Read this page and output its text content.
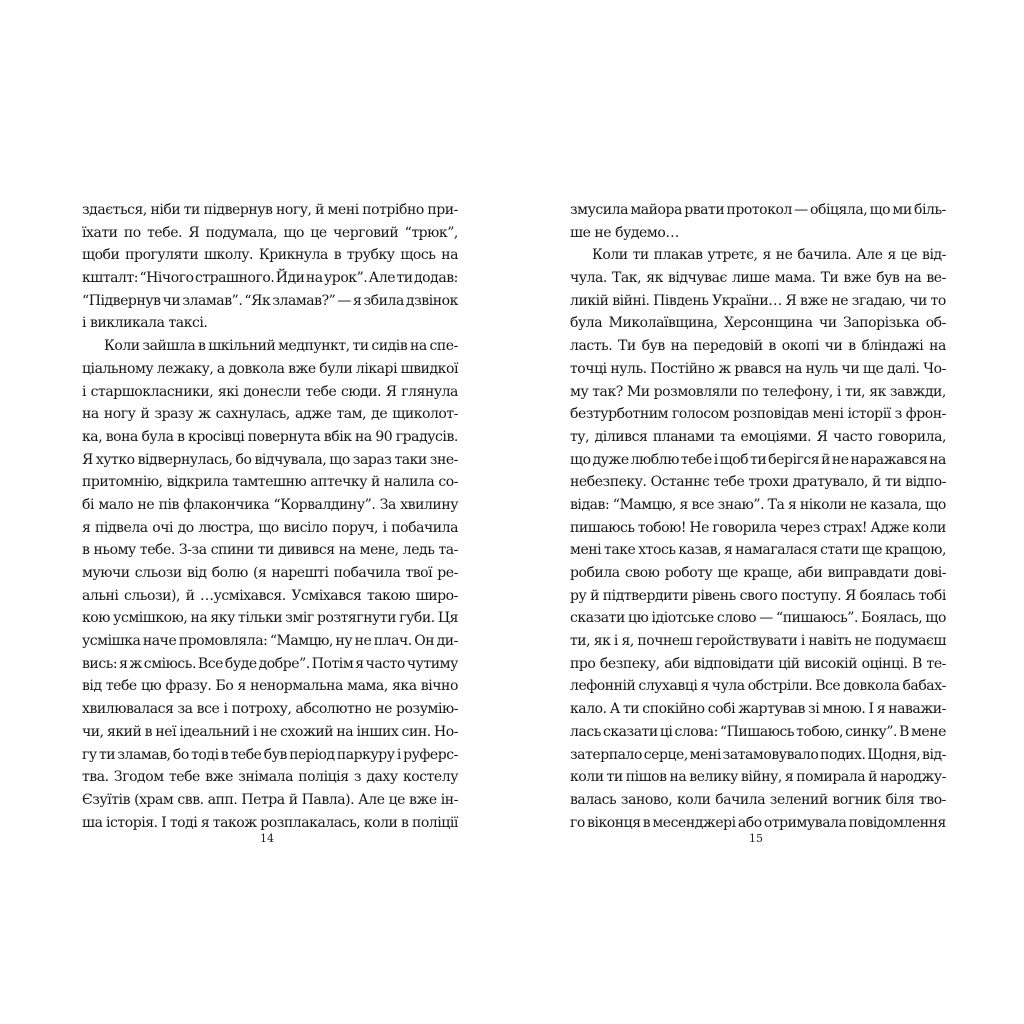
здається, ніби ти підвернув ногу, й мені потрібно при-
їхати по тебе. Я подумала, що це черговий “трюк”,
щоби прогуляти школу. Крикнула в трубку щось на
кшталт: “Нічого страшного. Йди на урок”. Але ти додав:
“Підвернув чи зламав”. “Як зламав?” — я збила дзвінок
і викликала таксі.
Коли зайшла в шкільний медпункт, ти сидів на спе-
ціальному лежаку, а довкола вже були лікарі швидкої
і старшокласники, які донесли тебе сюди. Я глянула
на ногу й зразу ж сахнулась, адже там, де щиколот-
ка, вона була в кросівці повернута вбік на 90 градусів.
Я хутко відвернулась, бо відчувала, що зараз таки зне-
притомнію, відкрила тамтешню аптечку й налила со-
бі мало не пів флакончика “Корвалдину”. За хвилину
я підвела очі до люстра, що висіло поруч, і побачила
в ньому тебе. З-за спини ти дивився на мене, ледь та-
муючи сльози від болю (я нарешті побачила твої ре-
альні сльози), й …усміхався. Усміхався такою широ-
кою усмішкою, на яку тільки зміг розтягнути губи. Ця
усмішка наче промовляла: “Мамцю, ну не плач. Он ди-
вись: я ж сміюсь. Все буде добре”. Потім я часто чутиму
від тебе цю фразу. Бо я ненормальна мама, яка вічно
хвилювалася за все і потроху, абсолютно не розумію-
чи, який в неї ідеальний і не схожий на інших син. Но-
гу ти зламав, бо тоді в тебе був період паркуру і руферс-
тва. Згодом тебе вже знімала поліція з даху костелу
Єзуїтів (храм свв. апп. Петра й Павла). Але це вже ін-
ша історія. І тоді я також розплакалась, коли в поліції
14
змусила майора рвати протокол — обіцяла, що ми біль-
ше не будемо…
Коли ти плакав утретє, я не бачила. Але я це від-
чула. Так, як відчуває лише мама. Ти вже був на ве-
ликій війні. Південь України… Я вже не згадаю, чи то
була Миколаївщина, Херсонщина чи Запорізька об-
ласть. Ти був на передовій в окопі чи в бліндажі на
точці нуль. Постійно ж рвався на нуль чи ще далі. Чо-
му так? Ми розмовляли по телефону, і ти, як завжди,
безтурботним голосом розповідав мені історії з фрон-
ту, ділився планами та емоціями. Я часто говорила,
що дуже люблю тебе і щоб ти берігся й не наражався на
небезпеку. Останнє тебе трохи дратувало, й ти відпо-
відав: “Мамцю, я все знаю”. Та я ніколи не казала, що
пишаюсь тобою! Не говорила через страх! Адже коли
мені таке хтось казав, я намагалася стати ще кращою,
робила свою роботу ще краще, аби виправдати дові-
ру й підтвердити рівень свого поступу. Я боялась тобі
сказати цю ідіотське слово — “пишаюсь”. Боялась, що
ти, як і я, почнеш геройствувати і навіть не подумаєш
про безпеку, аби відповідати цій високій оцінці. В те-
лефонній слухавці я чула обстріли. Все довкола бабах-
кало. А ти спокійно собі жартував зі мною. І я наважи-
лась сказати ці слова: “Пишаюсь тобою, синку”. В мене
затерпало серце, мені затамовувало подих. Щодня, від-
коли ти пішов на велику війну, я помирала й народжу-
валась заново, коли бачила зелений вогник біля тво-
го віконця в месенджері або отримувала повідомлення
15
